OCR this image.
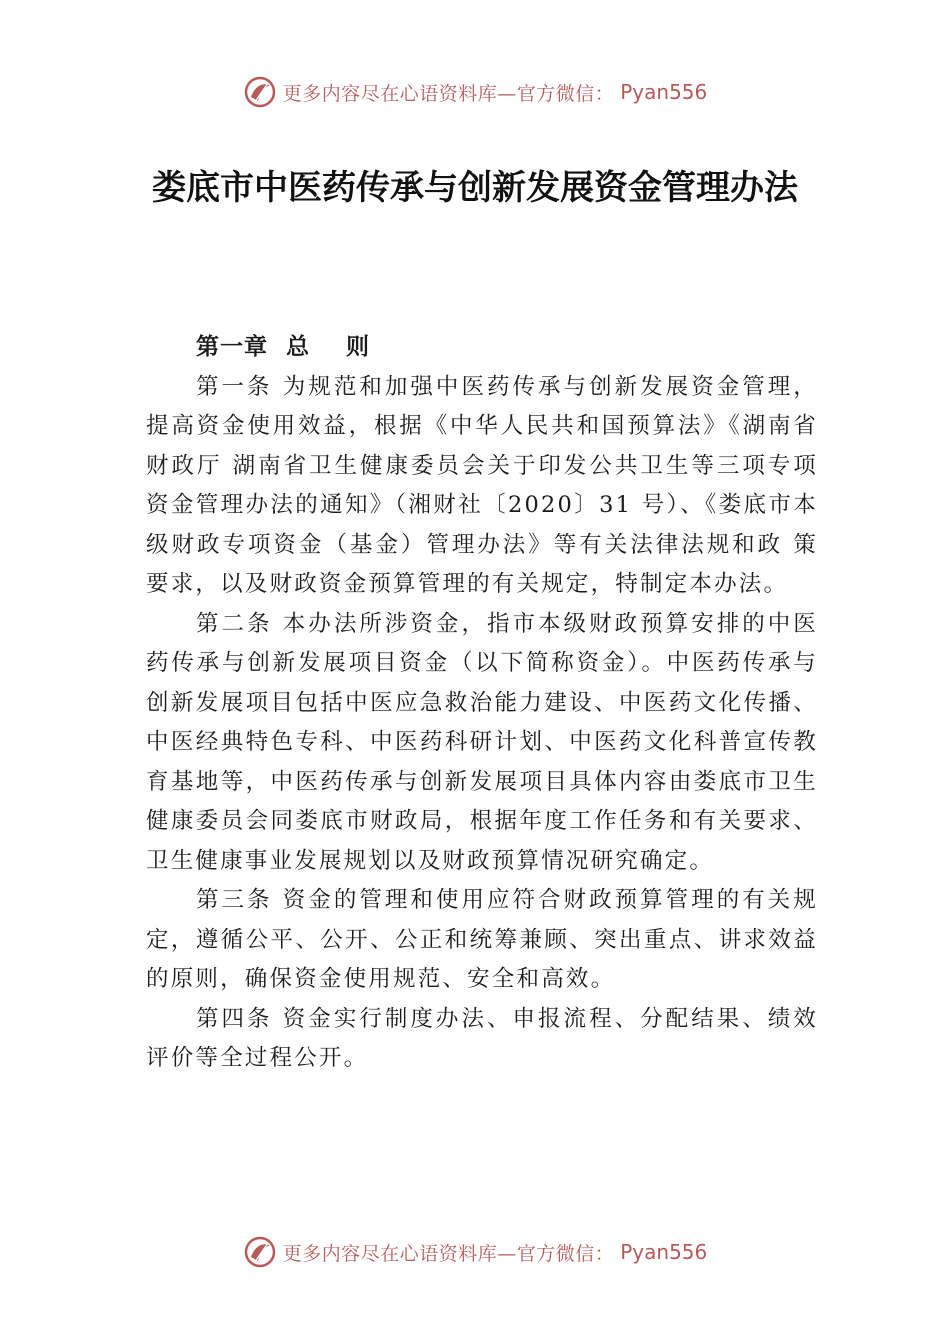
更多内容尽在心语资料库—官方微信： Pyan556
娄底市中医药传承与创新发展资金管理办法
第一章  总    则

第一条 为规范和加强中医药传承与创新发展资金管理，提高资金使用效益，根据《中华人民共和国预算法》《湖南省财政厅 湖南省卫生健康委员会关于印发公共卫生等三项专项资金管理办法的通知》（湘财社〔2020〕31 号）、《娄底市本级财政专项资金（基金）管理办法》等有关法律法规和政 策要求，以及财政资金预算管理的有关规定，特制定本办法。

第二条 本办法所涉资金，指市本级财政预算安排的中医药传承与创新发展项目资金（以下简称资金）。中医药传承与创新发展项目包括中医应急救治能力建设、中医药文化传播、中医经典特色专科、中医药科研计划、中医药文化科普宣传教育基地等，中医药传承与创新发展项目具体内容由娄底市卫生健康委员会同娄底市财政局，根据年度工作任务和有关要求、卫生健康事业发展规划以及财政预算情况研究确定。

第三条 资金的管理和使用应符合财政预算管理的有关规定，遵循公平、公开、公正和统筹兼顾、突出重点、讲求效益的原则，确保资金使用规范、安全和高效。

第四条 资金实行制度办法、申报流程、分配结果、绩效评价等全过程公开。

更多内容尽在心语资料库—官方微信： Pyan556
